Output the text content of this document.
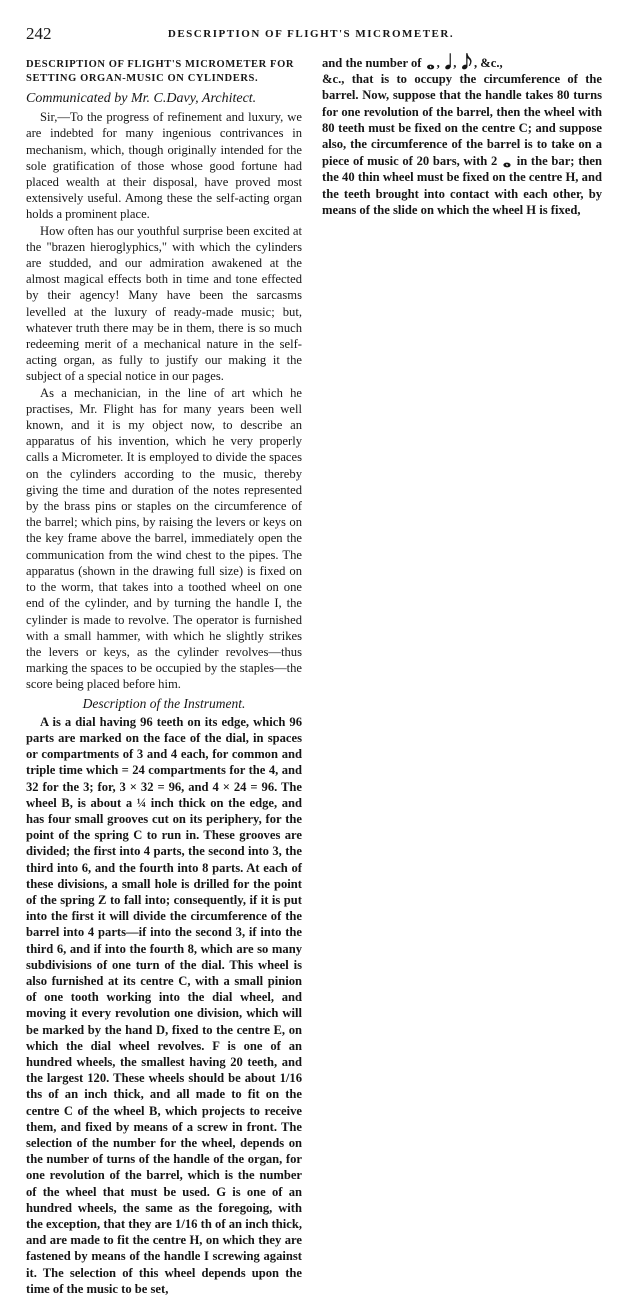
242	DESCRIPTION OF FLIGHT'S MICROMETER.
DESCRIPTION OF FLIGHT'S MICROMETER FOR SETTING ORGAN-MUSIC ON CYLINDERS.
Communicated by Mr. C.Davy, Architect.

Sir,—To the progress of refinement and luxury, we are indebted for many ingenious contrivances in mechanism, which, though originally intended for the sole gratification of those whose good fortune had placed wealth at their disposal, have proved most extensively useful. Among these the self-acting organ holds a prominent place.

How often has our youthful surprise been excited at the "brazen hieroglyphics," with which the cylinders are studded, and our admiration awakened at the almost magical effects both in time and tone effected by their agency! Many have been the sarcasms levelled at the luxury of ready-made music; but, whatever truth there may be in them, there is so much redeeming merit of a mechanical nature in the self-acting organ, as fully to justify our making it the subject of a special notice in our pages.

As a mechanician, in the line of art which he practises, Mr. Flight has for many years been well known, and it is my object now, to describe an apparatus of his invention, which he very properly calls a Micrometer. It is employed to divide the spaces on the cylinders according to the music, thereby giving the time and duration of the notes represented by the brass pins or staples on the circumference of the barrel; which pins, by raising the levers or keys on the key frame above the barrel, immediately open the communication from the wind chest to the pipes. The apparatus (shown in the drawing full size) is fixed on to the worm, that takes into a toothed wheel on one end of the cylinder, and by turning the handle I, the cylinder is made to revolve. The operator is furnished with a small hammer, with which he slightly strikes the levers or keys, as the cylinder revolves—thus marking the spaces to be occupied by the staples—the score being placed before him.

Description of the Instrument.

A is a dial having 96 teeth on its edge, which 96 parts are marked on the face of the dial, in spaces or compartments of 3 and 4 each, for common and triple time which = 24 compartments for the 4, and 32 for the 3; for, 3 × 32 = 96, and 4 × 24 = 96. The wheel B, is about a ¼ inch thick on the edge, and has four small grooves cut on its periphery, for the point of the spring C to run in. These grooves are divided; the first into 4 parts, the second into 3, the third into 6, and the fourth into 8 parts. At each of these divisions, a small hole is drilled for the point of the spring Z to fall into; consequently, if it is put into the first it will divide the circumference of the barrel into 4 parts—if into the second 3, if into the third 6, and if into the fourth 8, which are so many subdivisions of one turn of the dial. This wheel is also furnished at its centre C, with a small pinion of one tooth working into the dial wheel, and moving it every revolution one division, which will be marked by the hand D, fixed to the centre E, on which the dial wheel revolves. F is one of an hundred wheels, the smallest having 20 teeth, and the largest 120. These wheels should be about 1/16 ths of an inch thick, and all made to fit on the centre C of the wheel B, which projects to receive them, and fixed by means of a screw in front. The selection of the number for the wheel, depends on the number of turns of the handle of the organ, for one revolution of the barrel, which is the number of the wheel that must be used. G is one of an hundred wheels, the same as the foregoing, with the exception, that they are 1/16 th of an inch thick, and are made to fit the centre H, on which they are fastened by means of the handle I screwing against it. The selection of this wheel depends upon the time of the music to be set,

and the number of 𝅝 , 𝅘𝅥 , 𝅘𝅥𝅮 , &c.,

&c., that is to occupy the circumference of the barrel. Now, suppose that the handle takes 80 turns for one revolution of the barrel, then the wheel with 80 teeth must be fixed on the centre C; and suppose also, the circumference of the barrel is to take on a piece of music of 20 bars, with 2 𝅝 in the bar; then the 40 thin wheel must be fixed on the centre H, and the teeth brought into contact with each other, by means of the slide on which the wheel H is fixed,
